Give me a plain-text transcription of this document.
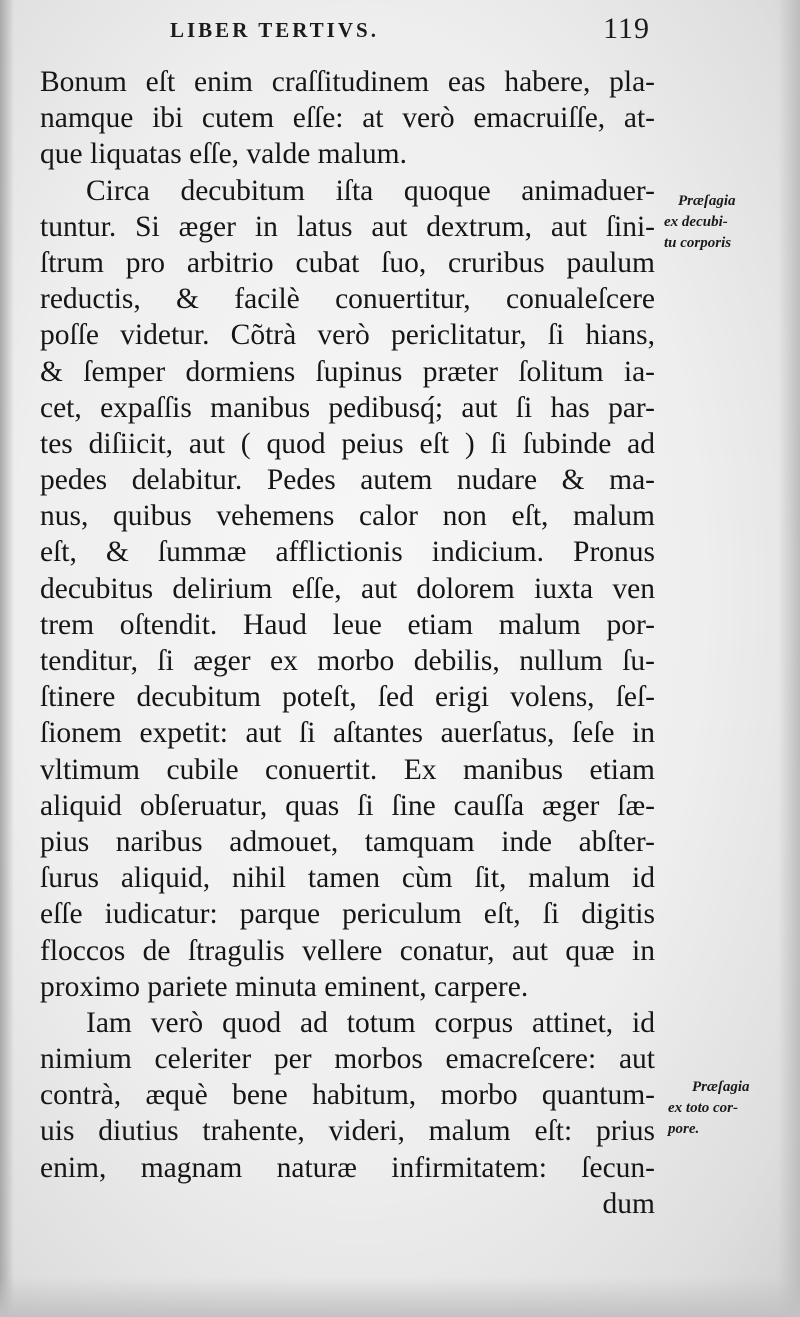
LIBER TERTIVS.	119
Bonum eſt enim craſſitudinem eas habere, pla-
namque ibi cutem eſſe: at verò emacruiſſe, at-
que liquatas eſſe, valde malum.
Circa decubitum iſta quoque animaduer-
tuntur. Si æger in latus aut dextrum, aut ſini-
ſtrum pro arbitrio cubat ſuo, cruribus paulum
reductis, & facilè conuertitur, conualeſcere
poſſe videtur. Cõtrà verò periclitatur, ſi hians,
& ſemper dormiens ſupinus præter ſolitum ia-
cet, expaſſis manibus pedibusq́; aut ſi has par-
tes diſiicit, aut ( quod peius eſt ) ſi ſubinde ad
pedes delabitur. Pedes autem nudare & ma-
nus, quibus vehemens calor non eſt, malum
eſt, & ſummæ afflictionis indicium. Pronus
decubitus delirium eſſe, aut dolorem iuxta ven
trem oſtendit. Haud leue etiam malum por-
tenditur, ſi æger ex morbo debilis, nullum ſu-
ſtinere decubitum poteſt, ſed erigi volens, ſeſ-
ſionem expetit: aut ſi aſtantes auerſatus, ſeſe in
vltimum cubile conuertit. Ex manibus etiam
aliquid obſeruatur, quas ſi ſine cauſſa æger ſæ-
pius naribus admouet, tamquam inde abſter-
ſurus aliquid, nihil tamen cùm ſit, malum id
eſſe iudicatur: parque periculum eſt, ſi digitis
floccos de ſtragulis vellere conatur, aut quæ in
proximo pariete minuta eminent, carpere.
Iam verò quod ad totum corpus attinet, id
nimium celeriter per morbos emacreſcere: aut
contrà, æquè bene habitum, morbo quantum-
uis diutius trahente, videri, malum eſt: prius
enim, magnam naturæ infirmitatem: ſecun-
dum
Præſagia
ex decubi-
tu corporis
Præſagia
ex toto cor-
pore.
